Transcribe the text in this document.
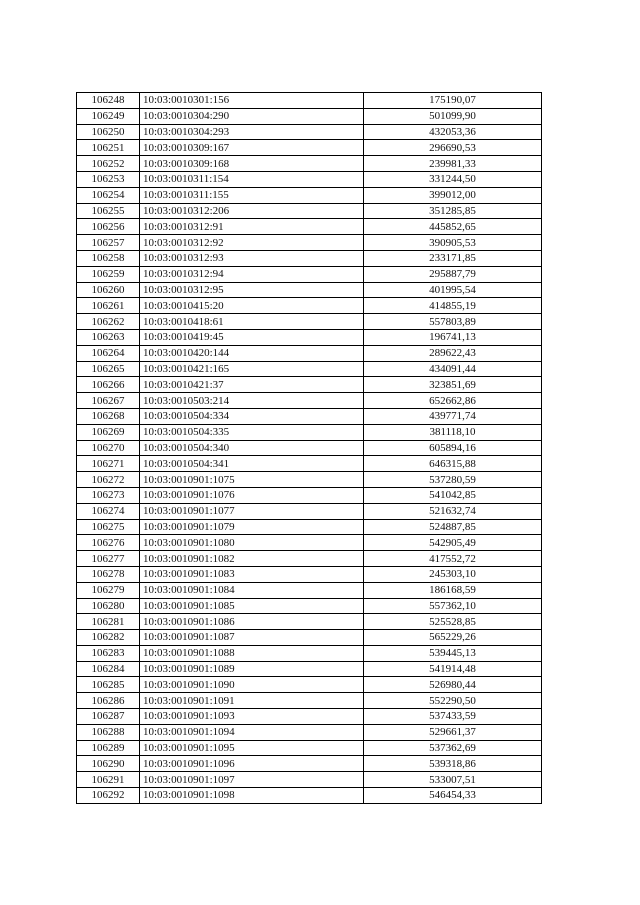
106248	10:03:0010301:156	175190,07
106249	10:03:0010304:290	501099,90
106250	10:03:0010304:293	432053,36
106251	10:03:0010309:167	296690,53
106252	10:03:0010309:168	239981,33
106253	10:03:0010311:154	331244,50
106254	10:03:0010311:155	399012,00
106255	10:03:0010312:206	351285,85
106256	10:03:0010312:91	445852,65
106257	10:03:0010312:92	390905,53
106258	10:03:0010312:93	233171,85
106259	10:03:0010312:94	295887,79
106260	10:03:0010312:95	401995,54
106261	10:03:0010415:20	414855,19
106262	10:03:0010418:61	557803,89
106263	10:03:0010419:45	196741,13
106264	10:03:0010420:144	289622,43
106265	10:03:0010421:165	434091,44
106266	10:03:0010421:37	323851,69
106267	10:03:0010503:214	652662,86
106268	10:03:0010504:334	439771,74
106269	10:03:0010504:335	381118,10
106270	10:03:0010504:340	605894,16
106271	10:03:0010504:341	646315,88
106272	10:03:0010901:1075	537280,59
106273	10:03:0010901:1076	541042,85
106274	10:03:0010901:1077	521632,74
106275	10:03:0010901:1079	524887,85
106276	10:03:0010901:1080	542905,49
106277	10:03:0010901:1082	417552,72
106278	10:03:0010901:1083	245303,10
106279	10:03:0010901:1084	186168,59
106280	10:03:0010901:1085	557362,10
106281	10:03:0010901:1086	525528,85
106282	10:03:0010901:1087	565229,26
106283	10:03:0010901:1088	539445,13
106284	10:03:0010901:1089	541914,48
106285	10:03:0010901:1090	526980,44
106286	10:03:0010901:1091	552290,50
106287	10:03:0010901:1093	537433,59
106288	10:03:0010901:1094	529661,37
106289	10:03:0010901:1095	537362,69
106290	10:03:0010901:1096	539318,86
106291	10:03:0010901:1097	533007,51
106292	10:03:0010901:1098	546454,33
